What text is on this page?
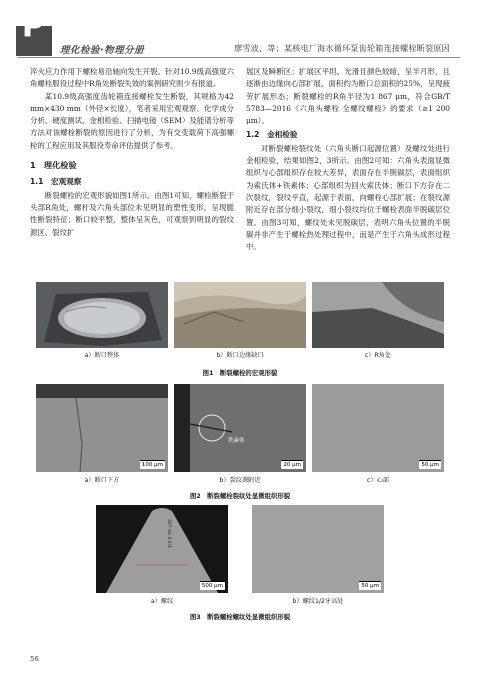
P
理化检验·物理分册	廖雪波，等：某核电厂海水循环泵齿轮箱连接螺栓断裂原因

淬火应力作用下螺栓易沿轴向发生开裂。针对10.9级高强度六角螺栓服役过程中R角处断裂失效的案例研究则少有报道。

某10.9级高强度齿轮箱连接螺栓发生断裂，其规格为42 mm×430 mm（外径×长度），笔者采用宏观观察、化学成分分析、硬度测试、金相检验、扫描电镜（SEM）及能谱分析等方法对该螺栓断裂的原因进行了分析，为有交变载荷下高强螺栓的工程应用及其服役寿命评估提供了参考。

1　理化检验
1.1　宏观观察

断裂螺栓的宏观形貌如图1所示。由图1可知，螺栓断裂于头部R角处，螺杆及六角头部位未见明显的塑性变形，呈现脆性断裂特征；断口较平整，整体呈灰色，可观察到明显的裂纹源区、裂纹扩

展区及瞬断区；扩展区平坦、光滑且颜色较暗，呈半月形，且逐渐由边缘向心部扩展，面积约为断口总面积的25%，呈现疲劳扩展形态；断裂螺栓的R角半径为1 867 μm，符合GB/T 5783—2016《六角头螺栓 全螺纹螺栓》的要求（≥1 200 μm）。

1.2　金相检验

对断裂螺栓裂纹处（六角头断口起源位置）及螺纹处进行金相检验，结果如图2，3所示。由图2可知：六角头表面显微组织与心部组织存在较大差异，表面存在半脱碳层，表面组织为索氏体+铁素体；心部组织为回火索氏体；断口下方存在二次裂纹，裂纹平直，起源于表面，向螺栓心部扩展；在裂纹源附近存在部分细小裂纹，细小裂纹均位于螺栓表面半脱碳层位置。由图3可知，螺纹处未见脱碳层，表明六角头位置的半脱碳并非产生于螺栓热处理过程中，而是产生于六角头成形过程中。

a）断口整体	b）断口边缘缺口	c）R角处
图1　断裂螺栓的宏观形貌
100 μm
铁素体
20 μm	50 μm
a）断口下方	b）裂纹源附近	c）心部
图2　断裂螺栓裂纹处显微组织形貌
307 Hv 0.5/1
500 μm	50 μm
a）螺纹	b）螺纹1/2牙高处
图3　断裂螺栓螺纹处显微组织形貌
56
